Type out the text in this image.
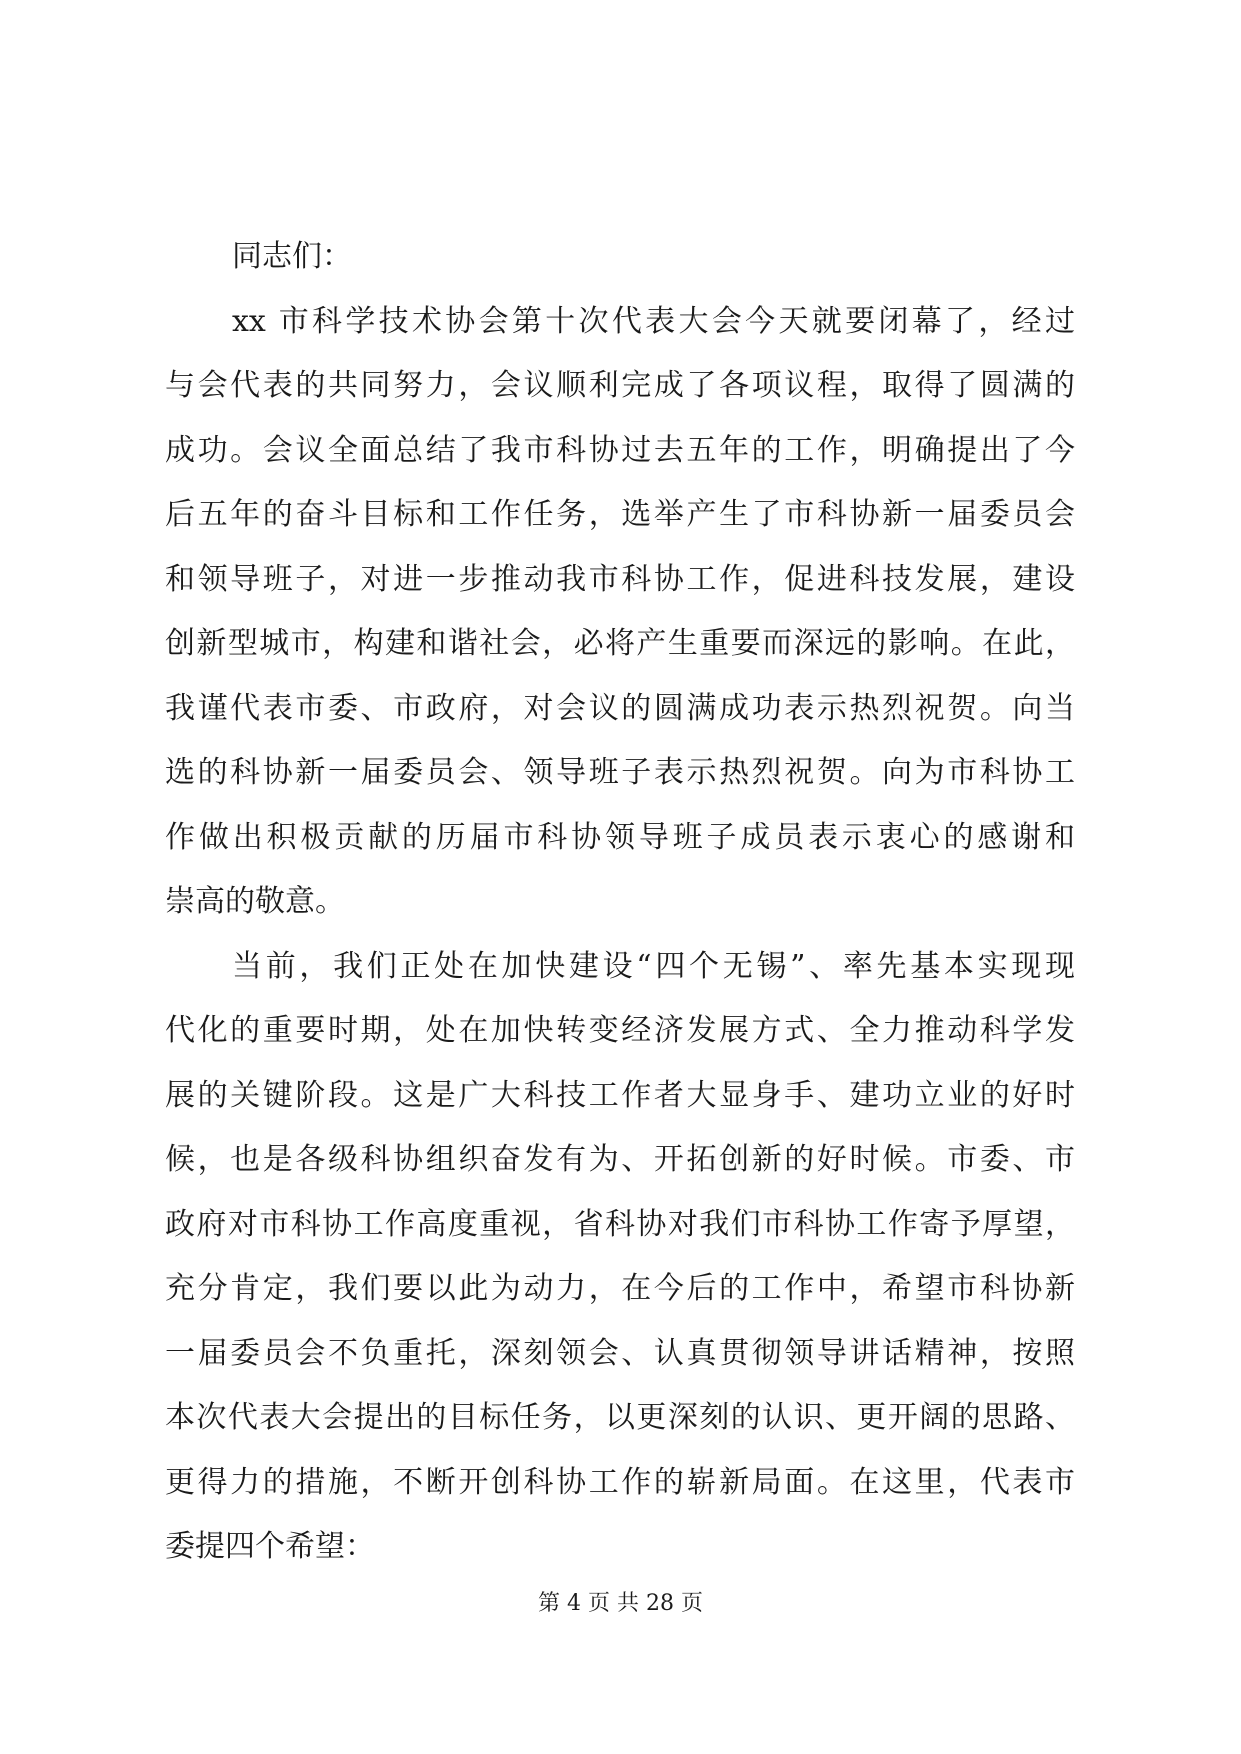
同志们：
xx 市科学技术协会第十次代表大会今天就要闭幕了，经过
与会代表的共同努力，会议顺利完成了各项议程，取得了圆满的
成功。会议全面总结了我市科协过去五年的工作，明确提出了今
后五年的奋斗目标和工作任务，选举产生了市科协新一届委员会
和领导班子，对进一步推动我市科协工作，促进科技发展，建设
创新型城市，构建和谐社会，必将产生重要而深远的影响。在此，
我谨代表市委、市政府，对会议的圆满成功表示热烈祝贺。向当
选的科协新一届委员会、领导班子表示热烈祝贺。向为市科协工
作做出积极贡献的历届市科协领导班子成员表示衷心的感谢和
崇高的敬意。
当前，我们正处在加快建设“四个无锡”、率先基本实现现
代化的重要时期，处在加快转变经济发展方式、全力推动科学发
展的关键阶段。这是广大科技工作者大显身手、建功立业的好时
候，也是各级科协组织奋发有为、开拓创新的好时候。市委、市
政府对市科协工作高度重视，省科协对我们市科协工作寄予厚望，
充分肯定，我们要以此为动力，在今后的工作中，希望市科协新
一届委员会不负重托，深刻领会、认真贯彻领导讲话精神，按照
本次代表大会提出的目标任务，以更深刻的认识、更开阔的思路、
更得力的措施，不断开创科协工作的崭新局面。在这里，代表市
委提四个希望：
第 4 页 共 28 页
